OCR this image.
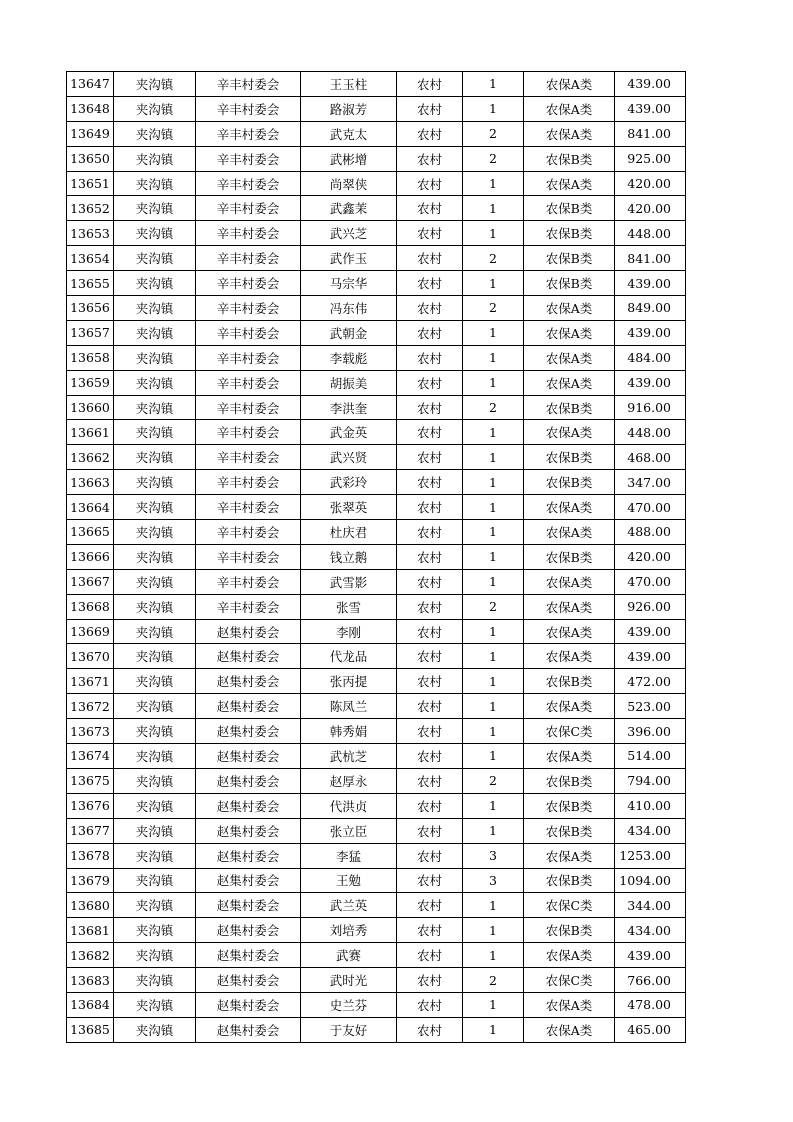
13647	夹沟镇	辛丰村委会	王玉柱	农村	1	农保A类	439.00
13648	夹沟镇	辛丰村委会	路淑芳	农村	1	农保A类	439.00
13649	夹沟镇	辛丰村委会	武克太	农村	2	农保A类	841.00
13650	夹沟镇	辛丰村委会	武彬增	农村	2	农保B类	925.00
13651	夹沟镇	辛丰村委会	尚翠侠	农村	1	农保A类	420.00
13652	夹沟镇	辛丰村委会	武鑫茉	农村	1	农保B类	420.00
13653	夹沟镇	辛丰村委会	武兴芝	农村	1	农保B类	448.00
13654	夹沟镇	辛丰村委会	武作玉	农村	2	农保B类	841.00
13655	夹沟镇	辛丰村委会	马宗华	农村	1	农保B类	439.00
13656	夹沟镇	辛丰村委会	冯东伟	农村	2	农保A类	849.00
13657	夹沟镇	辛丰村委会	武朝金	农村	1	农保A类	439.00
13658	夹沟镇	辛丰村委会	李载彪	农村	1	农保A类	484.00
13659	夹沟镇	辛丰村委会	胡振美	农村	1	农保A类	439.00
13660	夹沟镇	辛丰村委会	李洪奎	农村	2	农保B类	916.00
13661	夹沟镇	辛丰村委会	武金英	农村	1	农保A类	448.00
13662	夹沟镇	辛丰村委会	武兴贤	农村	1	农保B类	468.00
13663	夹沟镇	辛丰村委会	武彩玲	农村	1	农保B类	347.00
13664	夹沟镇	辛丰村委会	张翠英	农村	1	农保A类	470.00
13665	夹沟镇	辛丰村委会	杜庆君	农村	1	农保A类	488.00
13666	夹沟镇	辛丰村委会	钱立鹅	农村	1	农保B类	420.00
13667	夹沟镇	辛丰村委会	武雪影	农村	1	农保A类	470.00
13668	夹沟镇	辛丰村委会	张雪	农村	2	农保A类	926.00
13669	夹沟镇	赵集村委会	李刚	农村	1	农保A类	439.00
13670	夹沟镇	赵集村委会	代龙品	农村	1	农保A类	439.00
13671	夹沟镇	赵集村委会	张丙提	农村	1	农保B类	472.00
13672	夹沟镇	赵集村委会	陈凤兰	农村	1	农保A类	523.00
13673	夹沟镇	赵集村委会	韩秀娟	农村	1	农保C类	396.00
13674	夹沟镇	赵集村委会	武杭芝	农村	1	农保A类	514.00
13675	夹沟镇	赵集村委会	赵厚永	农村	2	农保B类	794.00
13676	夹沟镇	赵集村委会	代洪贞	农村	1	农保B类	410.00
13677	夹沟镇	赵集村委会	张立臣	农村	1	农保B类	434.00
13678	夹沟镇	赵集村委会	李猛	农村	3	农保A类	1253.00
13679	夹沟镇	赵集村委会	王勉	农村	3	农保B类	1094.00
13680	夹沟镇	赵集村委会	武兰英	农村	1	农保C类	344.00
13681	夹沟镇	赵集村委会	刘培秀	农村	1	农保B类	434.00
13682	夹沟镇	赵集村委会	武赛	农村	1	农保A类	439.00
13683	夹沟镇	赵集村委会	武时光	农村	2	农保C类	766.00
13684	夹沟镇	赵集村委会	史兰芬	农村	1	农保A类	478.00
13685	夹沟镇	赵集村委会	于友好	农村	1	农保A类	465.00
